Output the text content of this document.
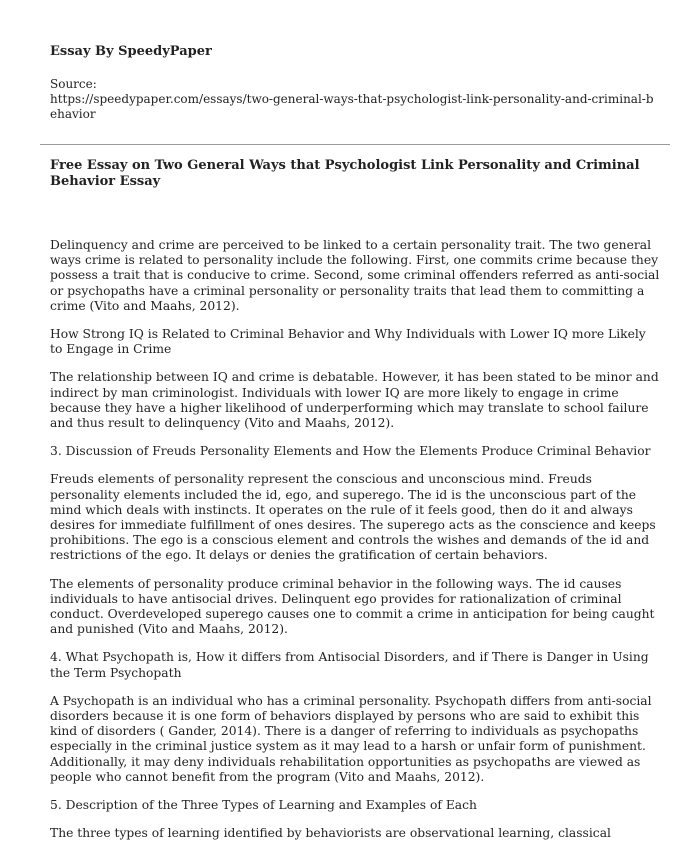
Essay By SpeedyPaper

Source:

https://speedypaper.com/essays/two-general-ways-that-psychologist-link-personality-and-criminal-behavior

Free Essay on Two General Ways that Psychologist Link Personality and Criminal Behavior Essay

Delinquency and crime are perceived to be linked to a certain personality trait. The two general ways crime is related to personality include the following. First, one commits crime because they possess a trait that is conducive to crime. Second, some criminal offenders referred as anti-social or psychopaths have a criminal personality or personality traits that lead them to committing a crime (Vito and Maahs, 2012).

How Strong IQ is Related to Criminal Behavior and Why Individuals with Lower IQ more Likely to Engage in Crime

The relationship between IQ and crime is debatable. However, it has been stated to be minor and indirect by man criminologist. Individuals with lower IQ are more likely to engage in crime because they have a higher likelihood of underperforming which may translate to school failure and thus result to delinquency (Vito and Maahs, 2012).

3. Discussion of Freuds Personality Elements and How the Elements Produce Criminal Behavior

Freuds elements of personality represent the conscious and unconscious mind. Freuds personality elements included the id, ego, and superego. The id is the unconscious part of the mind which deals with instincts. It operates on the rule of it feels good, then do it and always desires for immediate fulfillment of ones desires. The superego acts as the conscience and keeps prohibitions. The ego is a conscious element and controls the wishes and demands of the id and restrictions of the ego. It delays or denies the gratification of certain behaviors.

The elements of personality produce criminal behavior in the following ways. The id causes individuals to have antisocial drives. Delinquent ego provides for rationalization of criminal conduct. Overdeveloped superego causes one to commit a crime in anticipation for being caught and punished (Vito and Maahs, 2012).

4. What Psychopath is, How it differs from Antisocial Disorders, and if There is Danger in Using the Term Psychopath

A Psychopath is an individual who has a criminal personality. Psychopath differs from anti-social disorders because it is one form of behaviors displayed by persons who are said to exhibit this kind of disorders ( Gander, 2014). There is a danger of referring to individuals as psychopaths especially in the criminal justice system as it may lead to a harsh or unfair form of punishment. Additionally, it may deny individuals rehabilitation opportunities as psychopaths are viewed as people who cannot benefit from the program (Vito and Maahs, 2012).

5. Description of the Three Types of Learning and Examples of Each

The three types of learning identified by behaviorists are observational learning, classical
